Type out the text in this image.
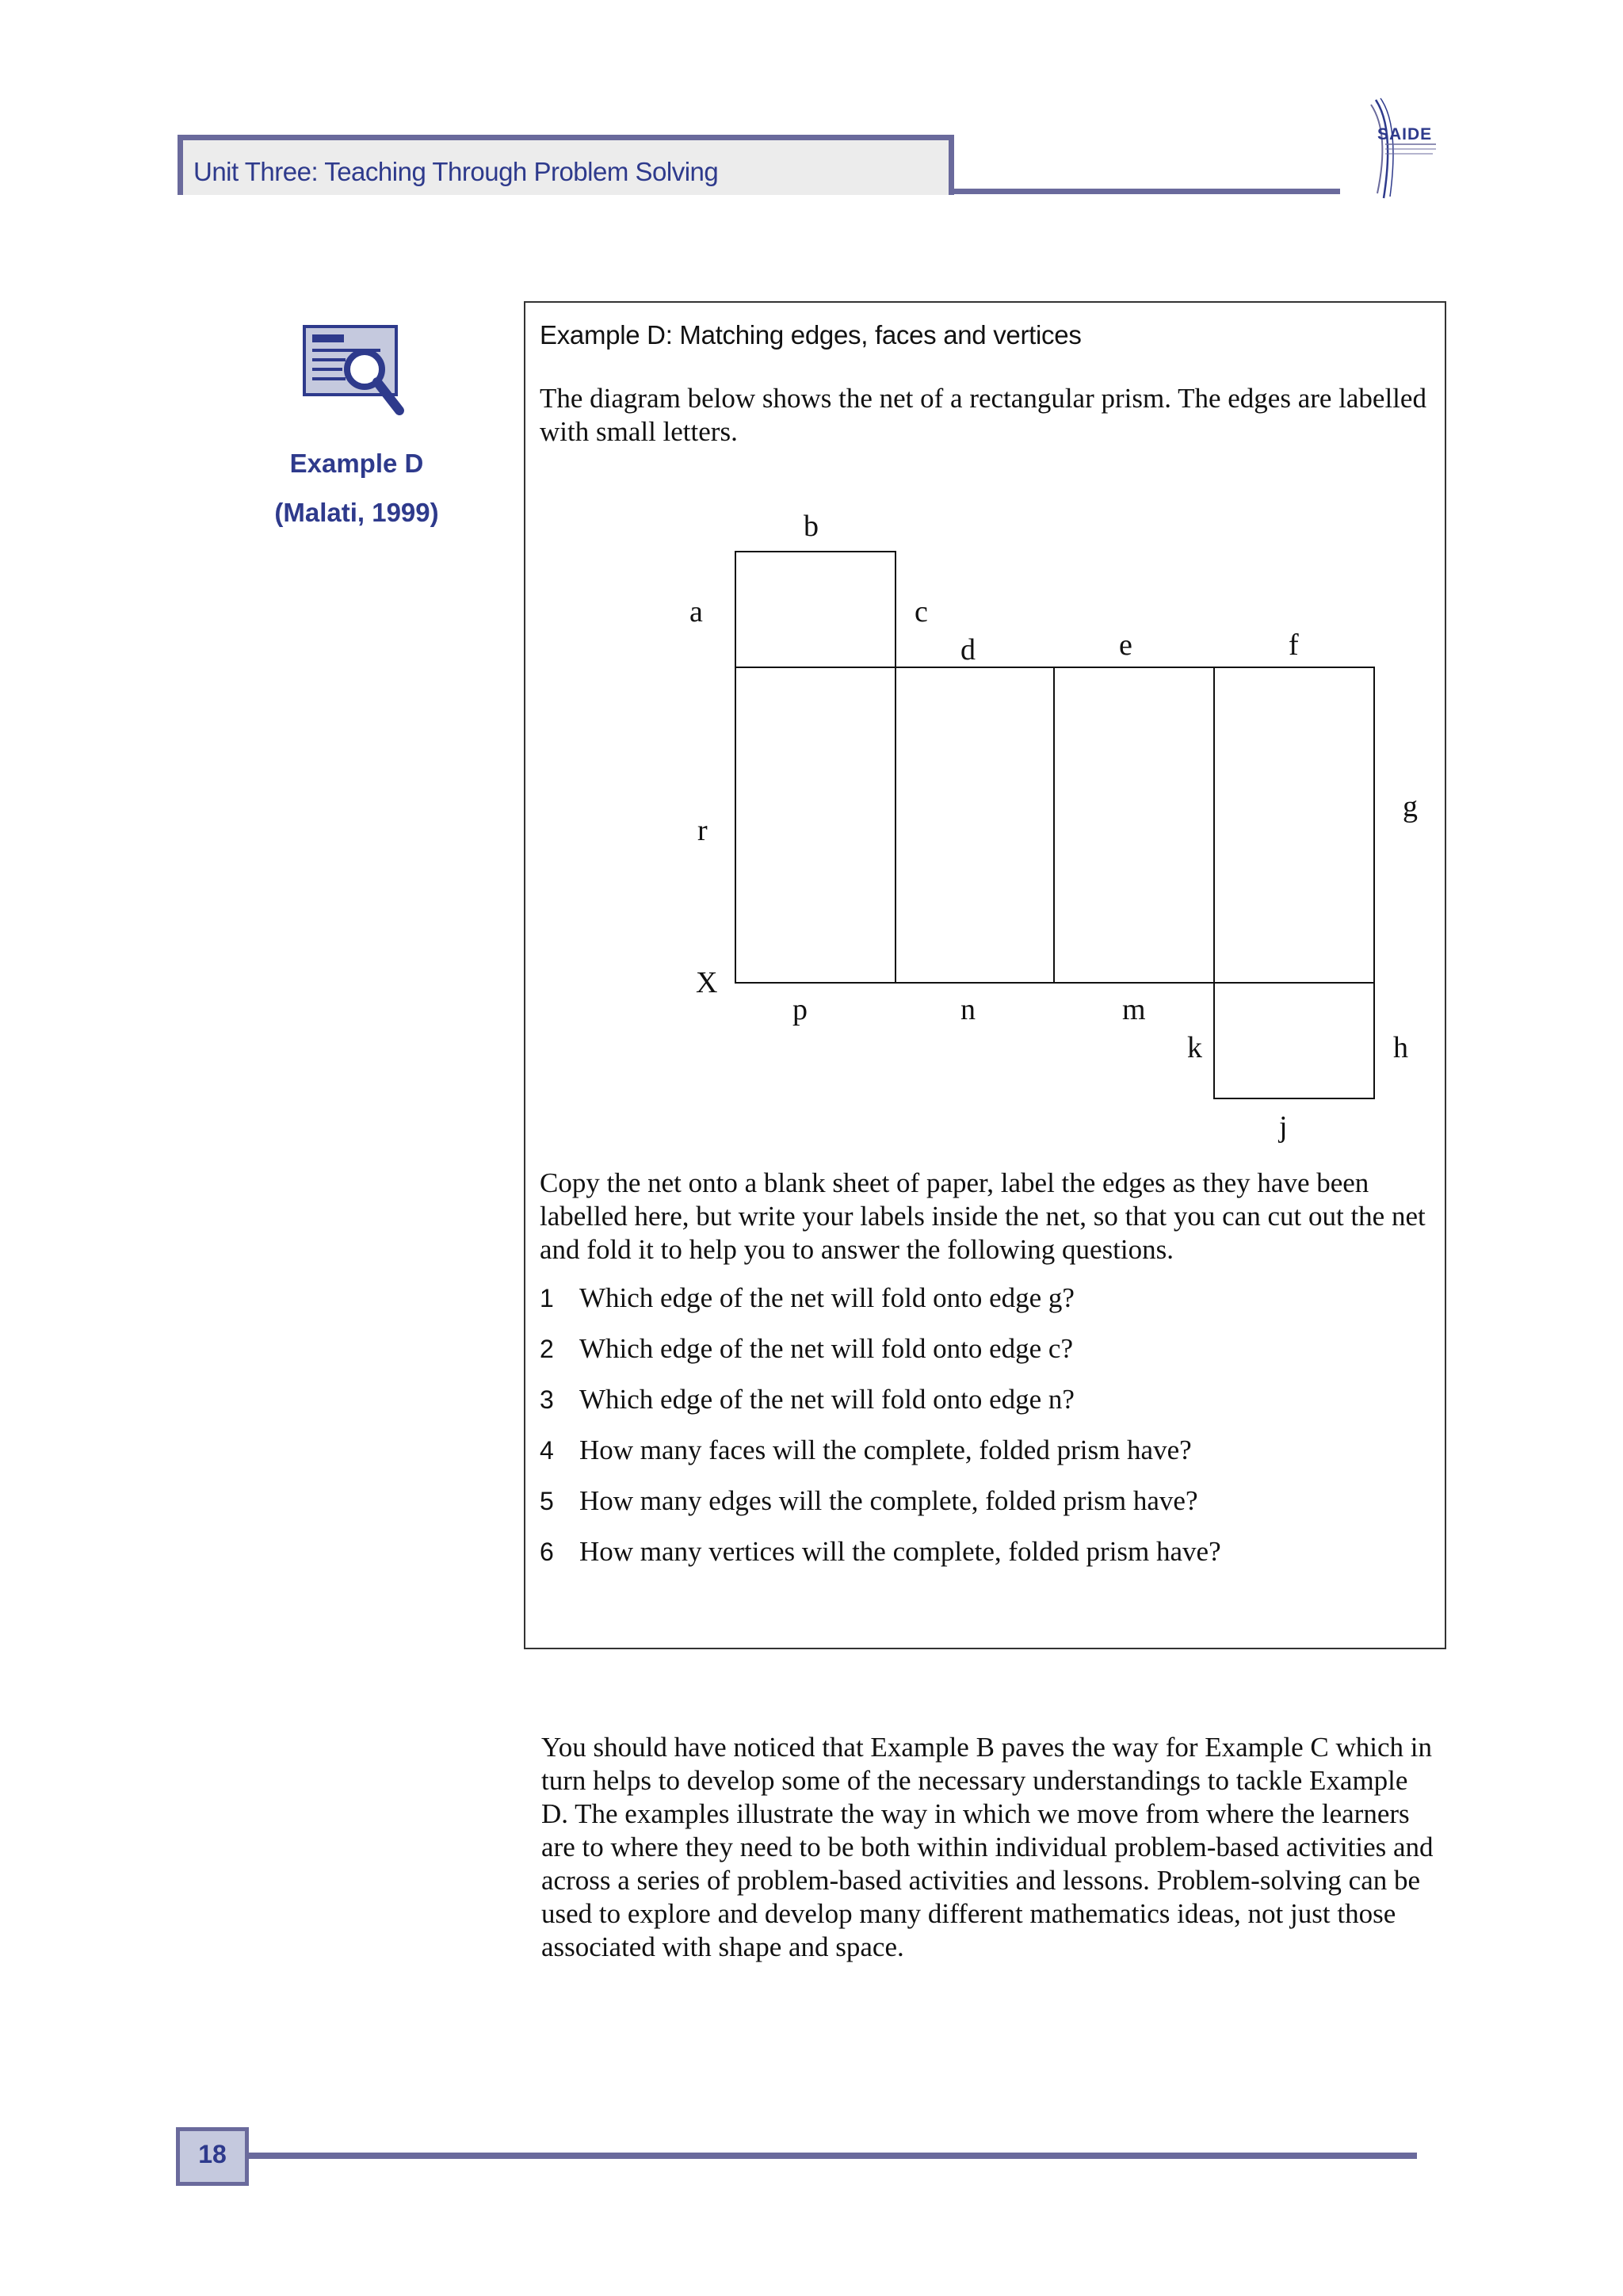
Unit Three: Teaching Through Problem Solving
SAIDE
Example D
(Malati, 1999)
Example D: Matching edges, faces and vertices
The diagram below shows the net of a rectangular prism. The edges are labelled with small letters.
b
a	c
d	e	f
g
r
X
p	n	m
k	h
j
Copy the net onto a blank sheet of paper, label the edges as they have been labelled here, but write your labels inside the net, so that you can cut out the net and fold it to help you to answer the following questions.
1 Which edge of the net will fold onto edge g?
2 Which edge of the net will fold onto edge c?
3 Which edge of the net will fold onto edge n?
4 How many faces will the complete, folded prism have?
5 How many edges will the complete, folded prism have?
6 How many vertices will the complete, folded prism have?
You should have noticed that Example B paves the way for Example C which in turn helps to develop some of the necessary understandings to tackle Example D. The examples illustrate the way in which we move from where the learners are to where they need to be both within individual problem-based activities and across a series of problem-based activities and lessons. Problem-solving can be used to explore and develop many different mathematics ideas, not just those associated with shape and space.
18
